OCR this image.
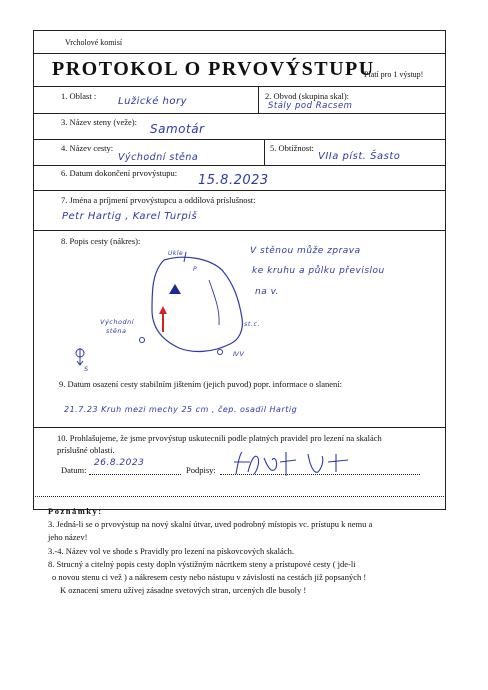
Vrcholové komisí
PROTOKOL O PRVOVÝSTUPU
Platí pro 1 výstup!
1. Oblast : Lužické hory	2. Obvod (skupina skal):
Stály pod Racsem
3. Název steny (veže): Samotár
4. Název cesty:
Východní stěna
5. Obtížnost:
VIIa píst. Šasto
6. Datum dokončení prvovýstupu: 15.8.2023
7. Jména a príjmení prvovýstupcu a oddílová príslušnost:
Petr Hartig , Karel Turpiš
8. Popis cesty (nákres):
Ukle
P
Východní
stěna
st.c.
S
ⅣV
V stěnou může zprava
ke kruhu a půlku převislou
na v.
9. Datum osazení cesty stabilním jištením (jejich puvod) popr. informace o slanení:
21.7.23 Kruh mezi mechy 25 cm , čep. osadil Hartig
10. Prohlašujeme, že jsme prvovýstup uskutecnili podle platných pravidel pro lezení na skalách
príslušné oblasti.
Datum:
26.8.2023
Podpisy:
Poznámky:
3. Jedná-li se o prvovýstup na nový skalní útvar, uved podrobný místopis vc. prístupu k nemu a
jeho název!
3.-4. Název vol ve shode s Pravidly pro lezení na pískovcových skalách.
8. Strucný a citelný popis cesty dopln výstižným nácrtkem steny a prístupové cesty ( jde-li
o novou stenu ci vež ) a nákresem cesty nebo nástupu v závislosti na cestách již popsaných !
K oznacení smeru užívej zásadne svetových stran, urcených dle busoly !
